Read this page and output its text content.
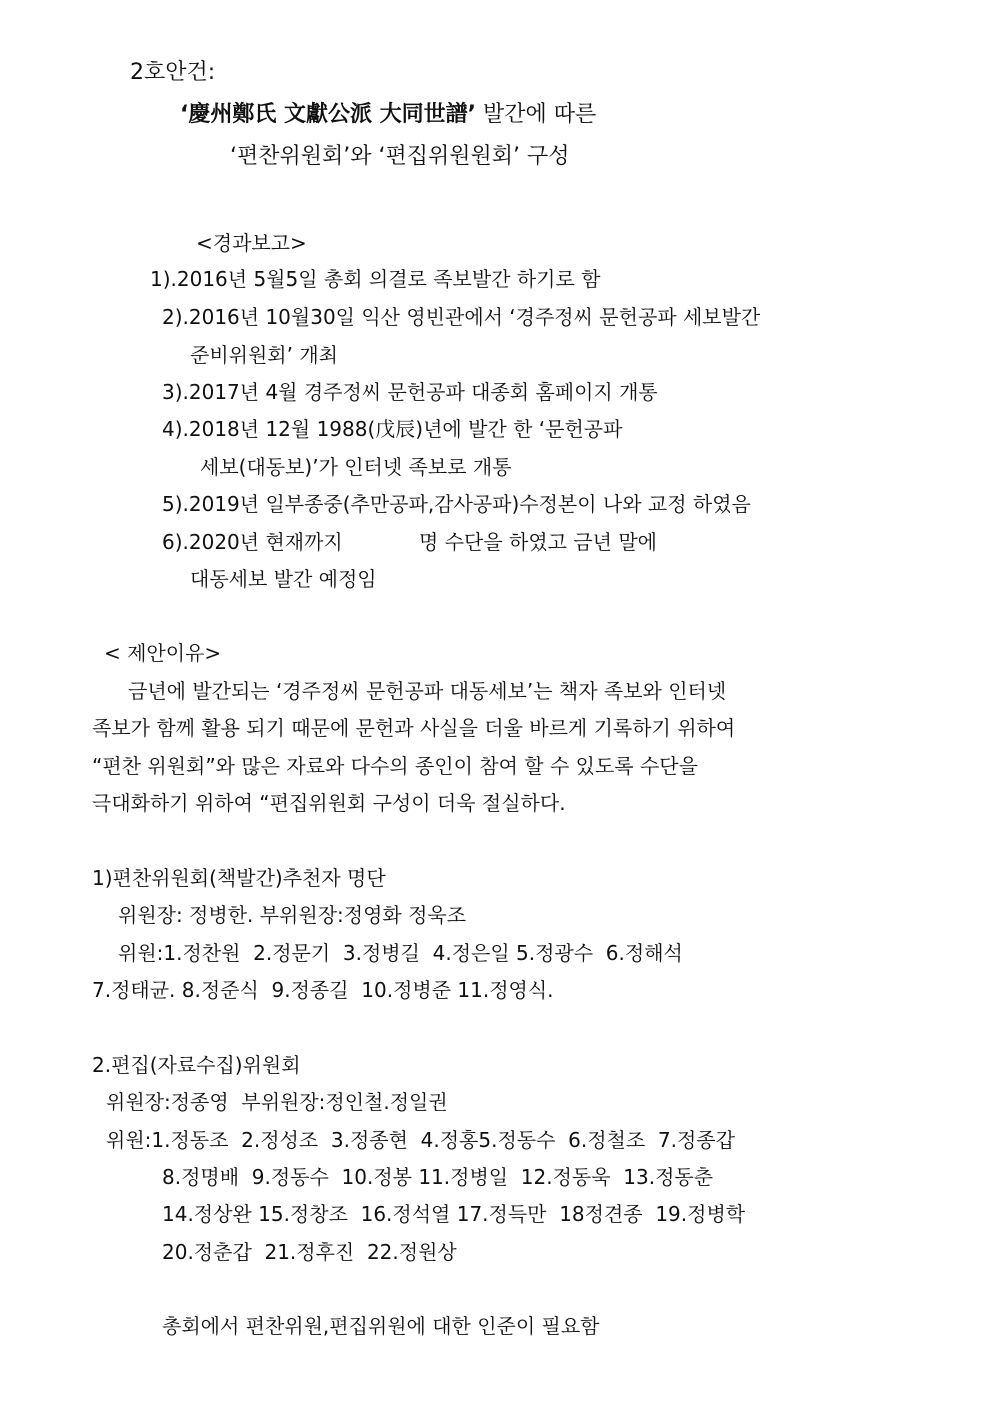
2호안건:
‘慶州鄭氏 文獻公派 大同世譜’ 발간에 따른
‘편찬위원회’와 ‘편집위원원회’ 구성
<경과보고>
1).2016년 5월5일 총회 의결로 족보발간 하기로 함
2).2016년 10월30일 익산 영빈관에서 ‘경주정씨 문헌공파 세보발간
준비위원회’ 개최
3).2017년 4월 경주정씨 문헌공파 대종회 홈페이지 개통
4).2018년 12월 1988(戊辰)년에 발간 한 ‘문헌공파
세보(대동보)’가 인터넷 족보로 개통
5).2019년 일부종중(추만공파,감사공파)수정본이 나와 교정 하였음
6).2020년 현재까지            명 수단을 하였고 금년 말에
대동세보 발간 예정임
< 제안이유>
금년에 발간되는 ‘경주정씨 문헌공파 대동세보’는 책자 족보와 인터넷
족보가 함께 활용 되기 때문에 문헌과 사실을 더울 바르게 기록하기 위하여
“편찬 위원회”와 많은 자료와 다수의 종인이 참여 할 수 있도록 수단을
극대화하기 위하여 “편집위원회 구성이 더욱 절실하다.
1)편찬위원회(책발간)추천자 명단
위원장: 정병한. 부위원장:정영화 정욱조
위원:1.정찬원  2.정문기  3.정병길  4.정은일 5.정광수  6.정해석
7.정태균. 8.정준식  9.정종길  10.정병준 11.정영식.
2.편집(자료수집)위원회
위원장:정종영  부위원장:정인철.정일권
위원:1.정동조  2.정성조  3.정종현  4.정홍5.정동수  6.정철조  7.정종갑
8.정명배  9.정동수  10.정봉 11.정병일  12.정동욱  13.정동춘
14.정상완 15.정창조  16.정석열 17.정득만  18정견종  19.정병학
20.정춘갑  21.정후진  22.정원상
총회에서 편찬위원,편집위원에 대한 인준이 필요함
